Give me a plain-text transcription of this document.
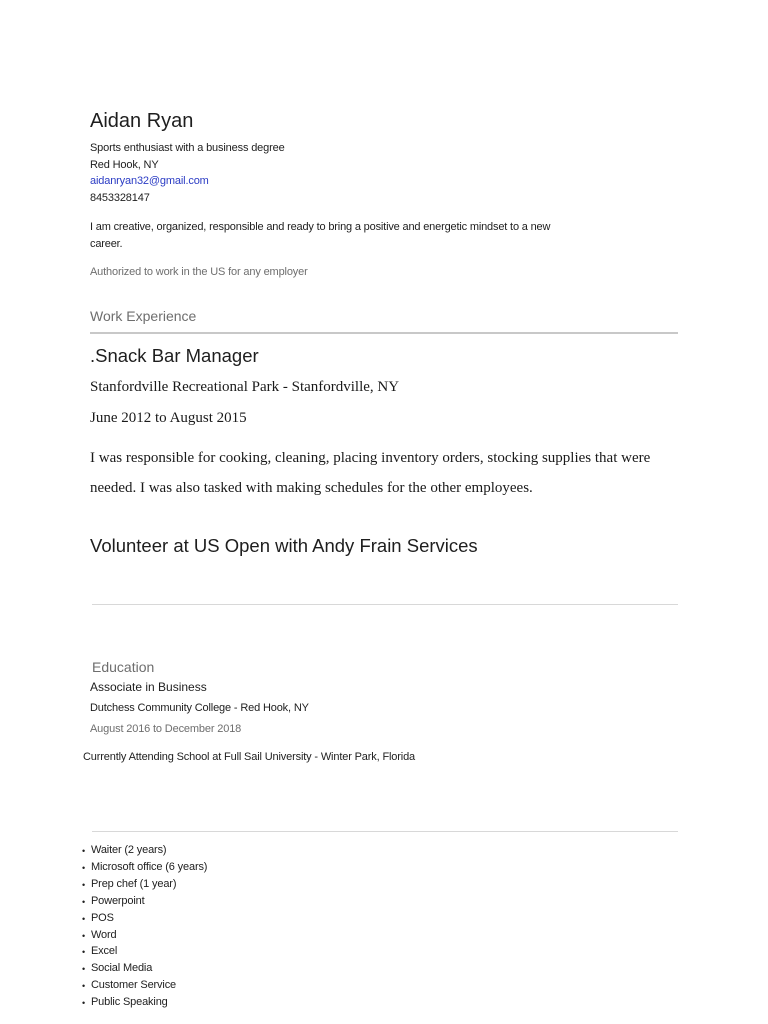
Aidan Ryan
Sports enthusiast with a business degree
Red Hook, NY
aidanryan32@gmail.com
8453328147
I am creative, organized, responsible and ready to bring a positive and energetic mindset to a new career.
Authorized to work in the US for any employer
Work Experience
.Snack Bar Manager
Stanfordville Recreational Park - Stanfordville, NY
June 2012 to August 2015
I was responsible for cooking, cleaning, placing inventory orders, stocking supplies that were needed. I was also tasked with making schedules for the other employees.
Volunteer at US Open with Andy Frain Services
Education
Associate in Business
Dutchess Community College - Red Hook, NY
August 2016 to December 2018
Currently Attending School at Full Sail University - Winter Park, Florida
• Waiter (2 years)
• Microsoft office (6 years)
• Prep chef (1 year)
• Powerpoint
• POS
• Word
• Excel
• Social Media
• Customer Service
• Public Speaking
